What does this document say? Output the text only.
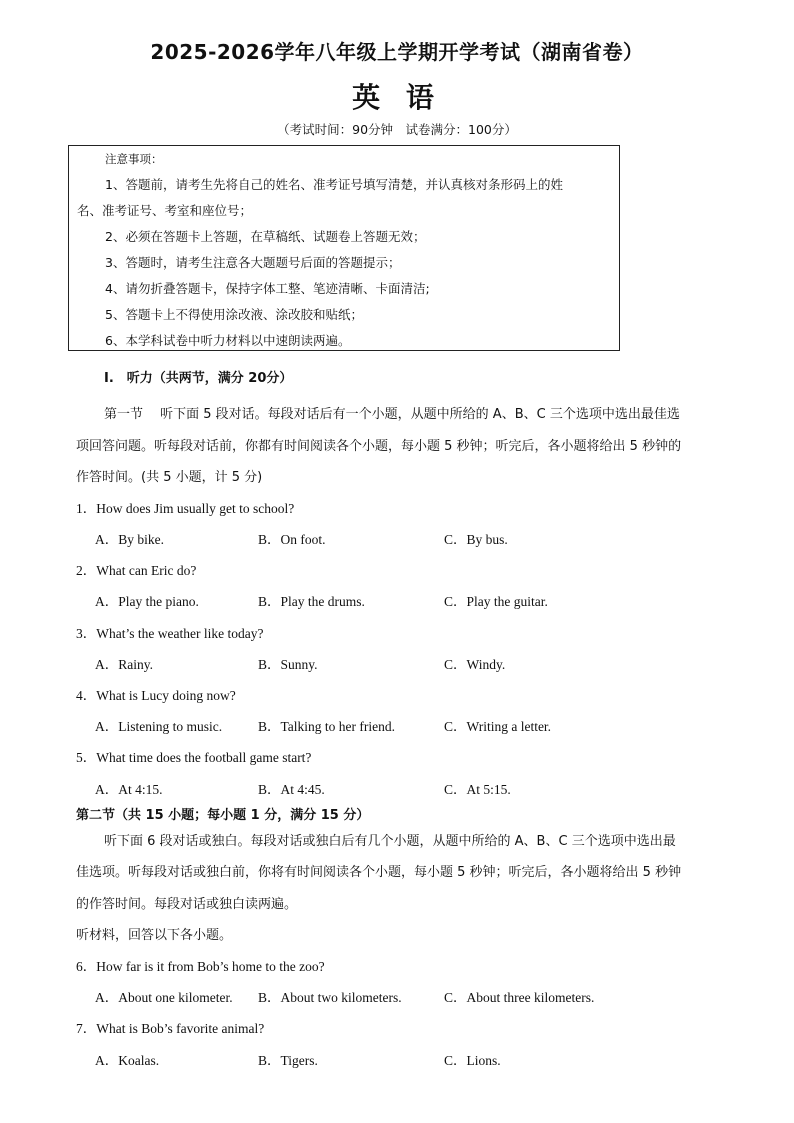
2025-2026学年八年级上学期开学考试（湖南省卷）
英 语
（考试时间：90分钟　试卷满分：100分）
注意事项：
1、答题前，请考生先将自己的姓名、准考证号填写清楚，并认真核对条形码上的姓
名、准考证号、考室和座位号；
2、必须在答题卡上答题，在草稿纸、试题卷上答题无效；
3、答题时，请考生注意各大题题号后面的答题提示；
4、请勿折叠答题卡，保持字体工整、笔迹清晰、卡面清洁;
5、答题卡上不得使用涂改液、涂改胶和贴纸；
6、本学科试卷中听力材料以中速朗读两遍。
I.　听力（共两节，满分 20分）
第一节　 听下面 5 段对话。每段对话后有一个小题，从题中所给的 A、B、C 三个选项中选出最佳选
项回答问题。听每段对话前，你都有时间阅读各个小题，每小题 5 秒钟；听完后，各小题将给出 5 秒钟的
作答时间。(共 5 小题，计 5 分)
1．How does Jim usually get to school?
A．By bike.	B．On foot.	C．By bus.
2．What can Eric do?
A．Play the piano.	B．Play the drums.	C．Play the guitar.
3．What’s the weather like today?
A．Rainy.	B．Sunny.	C．Windy.
4．What is Lucy doing now?
A．Listening to music.	B．Talking to her friend.	C．Writing a letter.
5．What time does the football game start?
A．At 4:15.	B．At 4:45.	C．At 5:15.
第二节（共 15 小题；每小题 1 分，满分 15 分）
听下面 6 段对话或独白。每段对话或独白后有几个小题，从题中所给的 A、B、C 三个选项中选出最
佳选项。听每段对话或独白前，你将有时间阅读各个小题，每小题 5 秒钟；听完后，各小题将给出 5 秒钟
的作答时间。每段对话或独白读两遍。
听材料，回答以下各小题。
6．How far is it from Bob’s home to the zoo?
A．About one kilometer. B．About two kilometers.	C．About three kilometers.
7．What is Bob’s favorite animal?
A．Koalas.	B．Tigers.	C．Lions.
